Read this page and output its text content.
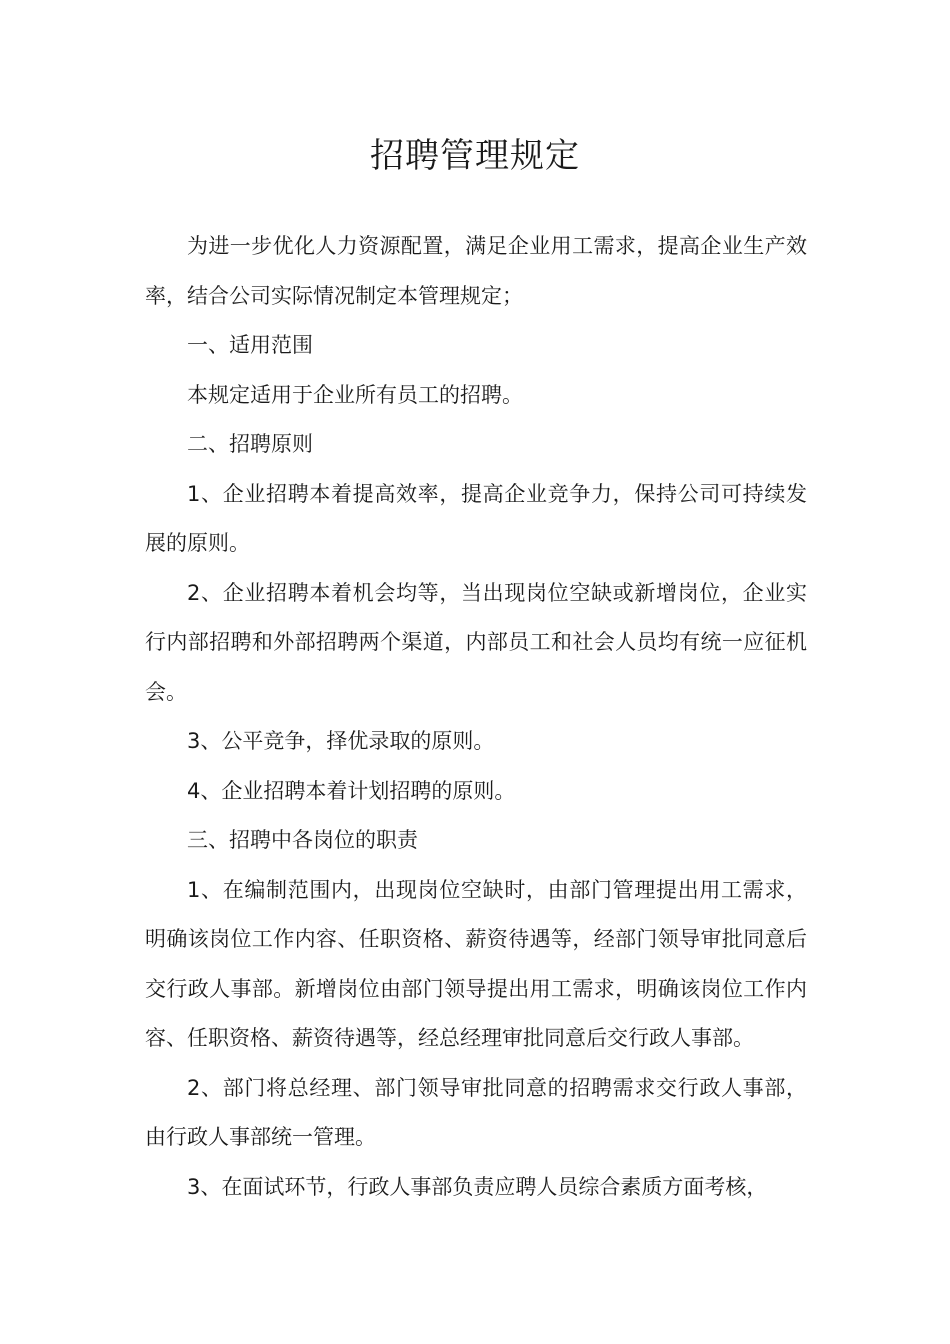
招聘管理规定

为进一步优化人力资源配置，满足企业用工需求，提高企业生产效率，结合公司实际情况制定本管理规定；

一、适用范围

本规定适用于企业所有员工的招聘。

二、招聘原则

1、企业招聘本着提高效率，提高企业竞争力，保持公司可持续发展的原则。

2、企业招聘本着机会均等，当出现岗位空缺或新增岗位，企业实行内部招聘和外部招聘两个渠道，内部员工和社会人员均有统一应征机会。

3、公平竞争，择优录取的原则。

4、企业招聘本着计划招聘的原则。

三、招聘中各岗位的职责

1、在编制范围内，出现岗位空缺时，由部门管理提出用工需求，明确该岗位工作内容、任职资格、薪资待遇等，经部门领导审批同意后交行政人事部。新增岗位由部门领导提出用工需求，明确该岗位工作内容、任职资格、薪资待遇等，经总经理审批同意后交行政人事部。

2、部门将总经理、部门领导审批同意的招聘需求交行政人事部，由行政人事部统一管理。

3、在面试环节，行政人事部负责应聘人员综合素质方面考核，
